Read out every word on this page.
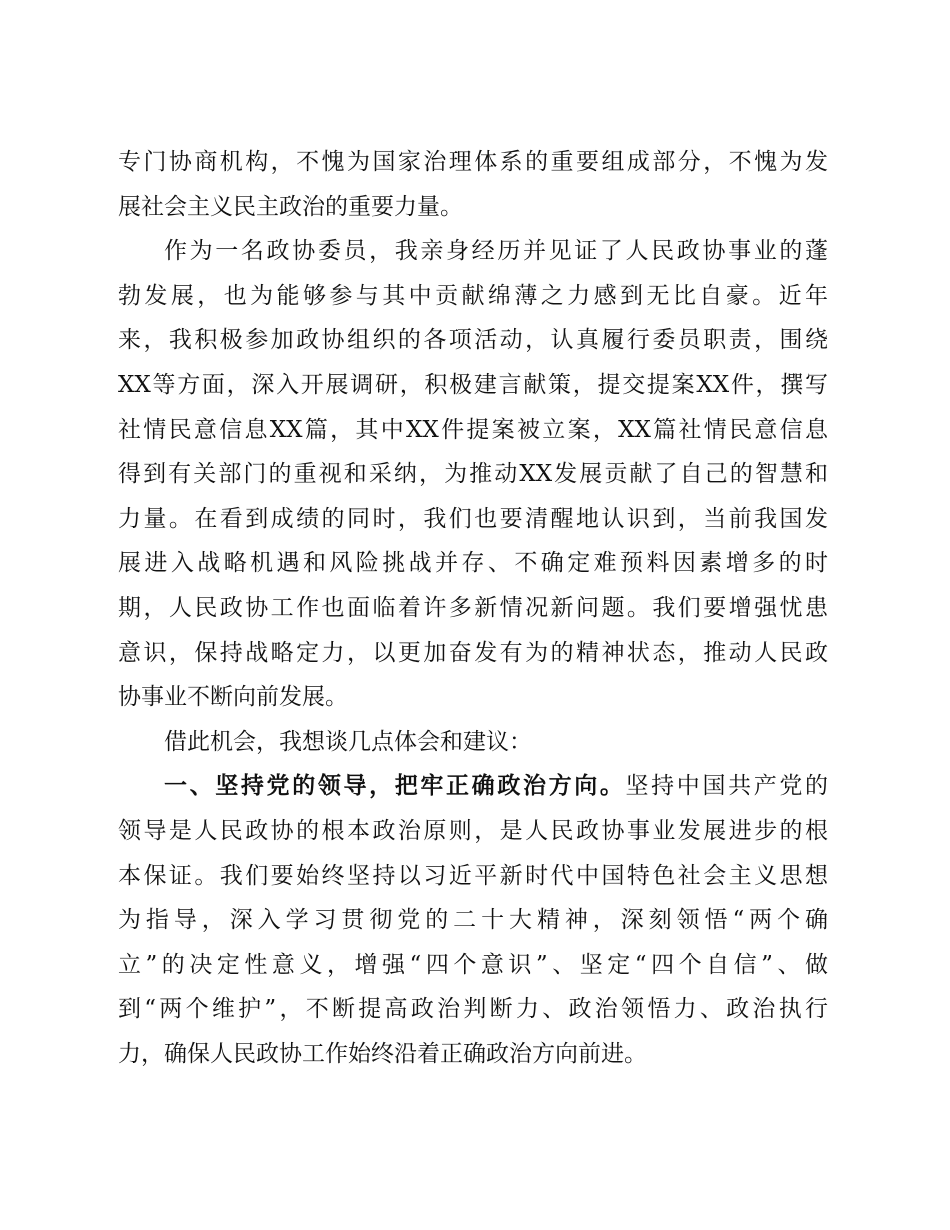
专门协商机构，不愧为国家治理体系的重要组成部分，不愧为发
展社会主义民主政治的重要力量。
作为一名政协委员，我亲身经历并见证了人民政协事业的蓬
勃发展，也为能够参与其中贡献绵薄之力感到无比自豪。近年
来，我积极参加政协组织的各项活动，认真履行委员职责，围绕
XX等方面，深入开展调研，积极建言献策，提交提案XX件，撰写
社情民意信息XX篇，其中XX件提案被立案，XX篇社情民意信息
得到有关部门的重视和采纳，为推动XX发展贡献了自己的智慧和
力量。在看到成绩的同时，我们也要清醒地认识到，当前我国发
展进入战略机遇和风险挑战并存、不确定难预料因素增多的时
期，人民政协工作也面临着许多新情况新问题。我们要增强忧患
意识，保持战略定力，以更加奋发有为的精神状态，推动人民政
协事业不断向前发展。
借此机会，我想谈几点体会和建议：
一、坚持党的领导，把牢正确政治方向。坚持中国共产党的
领导是人民政协的根本政治原则，是人民政协事业发展进步的根
本保证。我们要始终坚持以习近平新时代中国特色社会主义思想
为指导，深入学习贯彻党的二十大精神，深刻领悟“两个确
立”的决定性意义，增强“四个意识”、坚定“四个自信”、做
到“两个维护”，不断提高政治判断力、政治领悟力、政治执行
力，确保人民政协工作始终沿着正确政治方向前进。
